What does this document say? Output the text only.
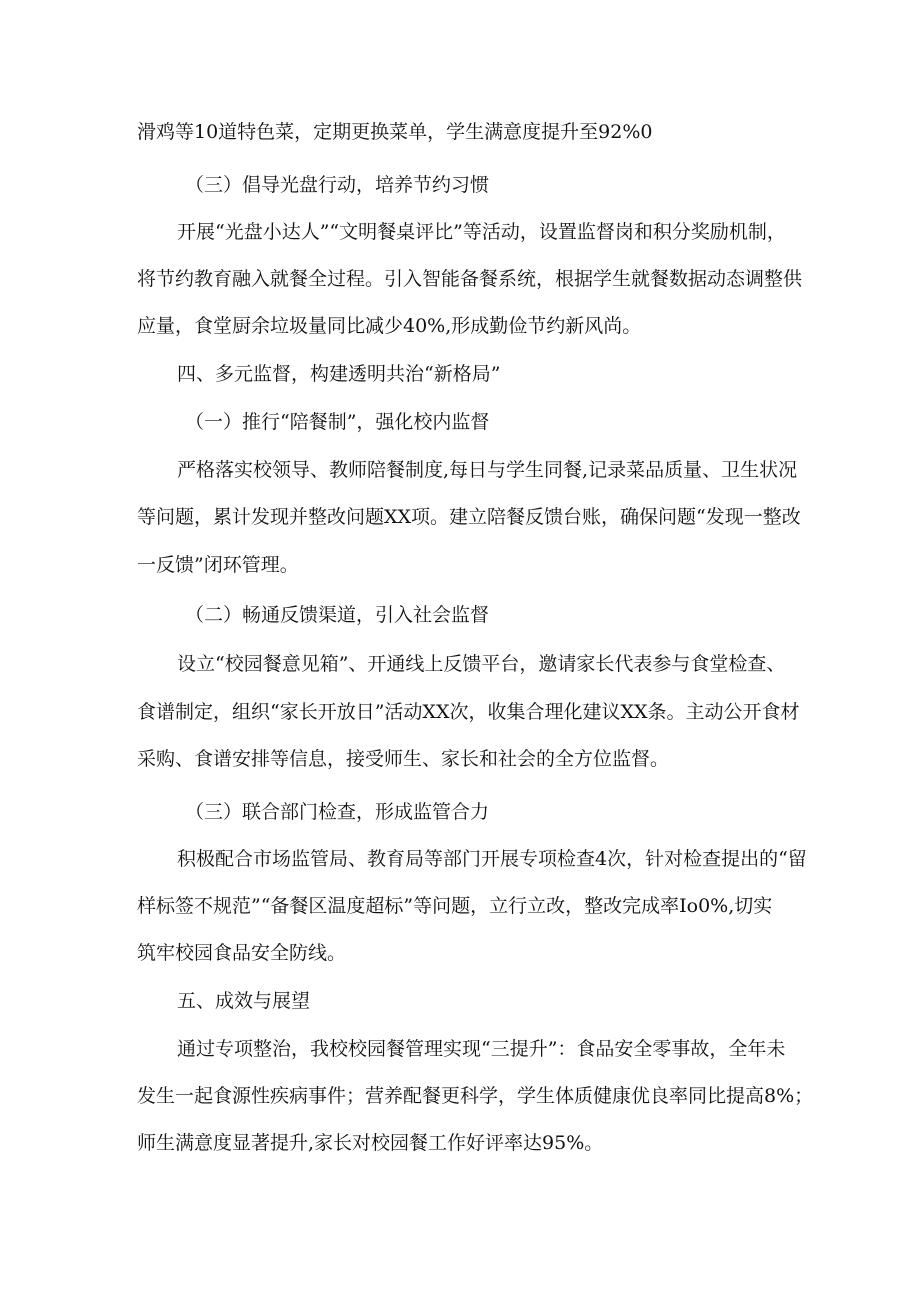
滑鸡等10道特色菜，定期更换菜单，学生满意度提升至92%0

（三）倡导光盘行动，培养节约习惯

开展“光盘小达人”“文明餐桌评比”等活动，设置监督岗和积分奖励机制，

将节约教育融入就餐全过程。引入智能备餐系统，根据学生就餐数据动态调整供

应量，食堂厨余垃圾量同比减少40%,形成勤俭节约新风尚。

四、多元监督，构建透明共治“新格局”

（一）推行“陪餐制”，强化校内监督

严格落实校领导、教师陪餐制度,每日与学生同餐,记录菜品质量、卫生状况

等问题，累计发现并整改问题XX项。建立陪餐反馈台账，确保问题“发现一整改

一反馈”闭环管理。

（二）畅通反馈渠道，引入社会监督

设立“校园餐意见箱”、开通线上反馈平台，邀请家长代表参与食堂检查、

食谱制定，组织“家长开放日”活动XX次，收集合理化建议XX条。主动公开食材

采购、食谱安排等信息，接受师生、家长和社会的全方位监督。

（三）联合部门检查，形成监管合力

积极配合市场监管局、教育局等部门开展专项检查4次，针对检查提出的“留

样标签不规范”“备餐区温度超标”等问题，立行立改，整改完成率Io0%,切实

筑牢校园食品安全防线。

五、成效与展望

通过专项整治，我校校园餐管理实现“三提升”：食品安全零事故，全年未

发生一起食源性疾病事件；营养配餐更科学，学生体质健康优良率同比提高8%；

师生满意度显著提升,家长对校园餐工作好评率达95%。
